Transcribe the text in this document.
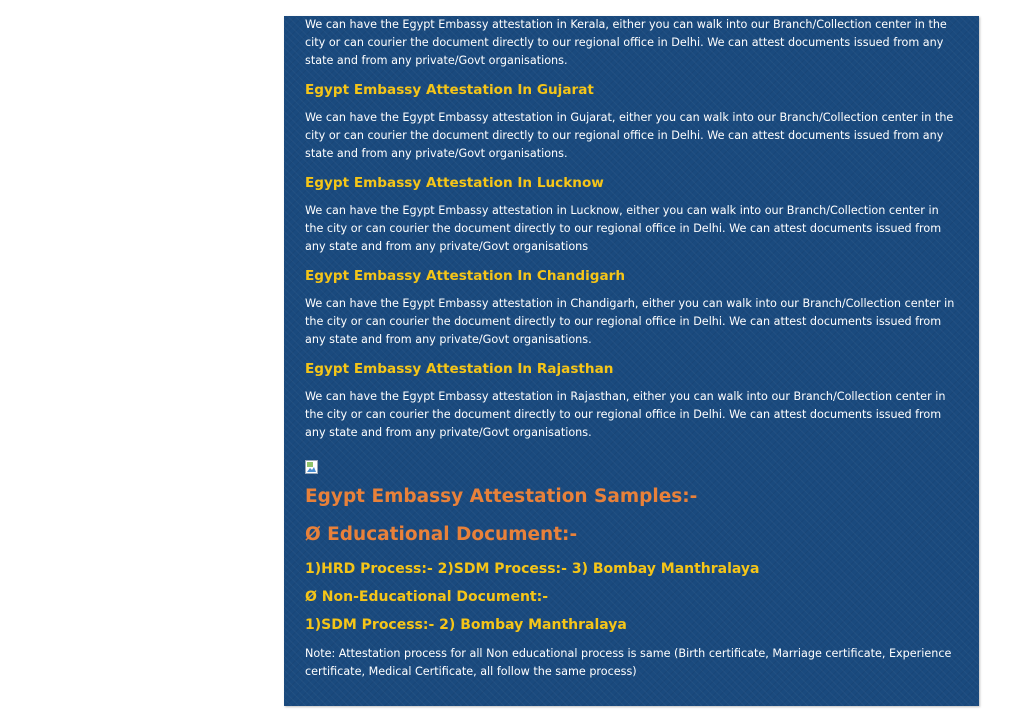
We can have the Egypt Embassy attestation in Kerala, either you can walk into our Branch/Collection center in the city or can courier the document directly to our regional office in Delhi. We can attest documents issued from any state and from any private/Govt organisations.

Egypt Embassy Attestation In Gujarat

We can have the Egypt Embassy attestation in Gujarat, either you can walk into our Branch/Collection center in the city or can courier the document directly to our regional office in Delhi. We can attest documents issued from any state and from any private/Govt organisations.

Egypt Embassy Attestation In Lucknow

We can have the Egypt Embassy attestation in Lucknow, either you can walk into our Branch/Collection center in the city or can courier the document directly to our regional office in Delhi. We can attest documents issued from any state and from any private/Govt organisations

Egypt Embassy Attestation In Chandigarh

We can have the Egypt Embassy attestation in Chandigarh, either you can walk into our Branch/Collection center in the city or can courier the document directly to our regional office in Delhi. We can attest documents issued from any state and from any private/Govt organisations.

Egypt Embassy Attestation In Rajasthan

We can have the Egypt Embassy attestation in Rajasthan, either you can walk into our Branch/Collection center in the city or can courier the document directly to our regional office in Delhi. We can attest documents issued from any state and from any private/Govt organisations.

Egypt Embassy Attestation Samples:-
Ø Educational Document:-
1)HRD Process:- 2)SDM Process:- 3) Bombay Manthralaya
Ø Non-Educational Document:-
1)SDM Process:- 2) Bombay Manthralaya

Note: Attestation process for all Non educational process is same (Birth certificate, Marriage certificate, Experience certificate, Medical Certificate, all follow the same process)
